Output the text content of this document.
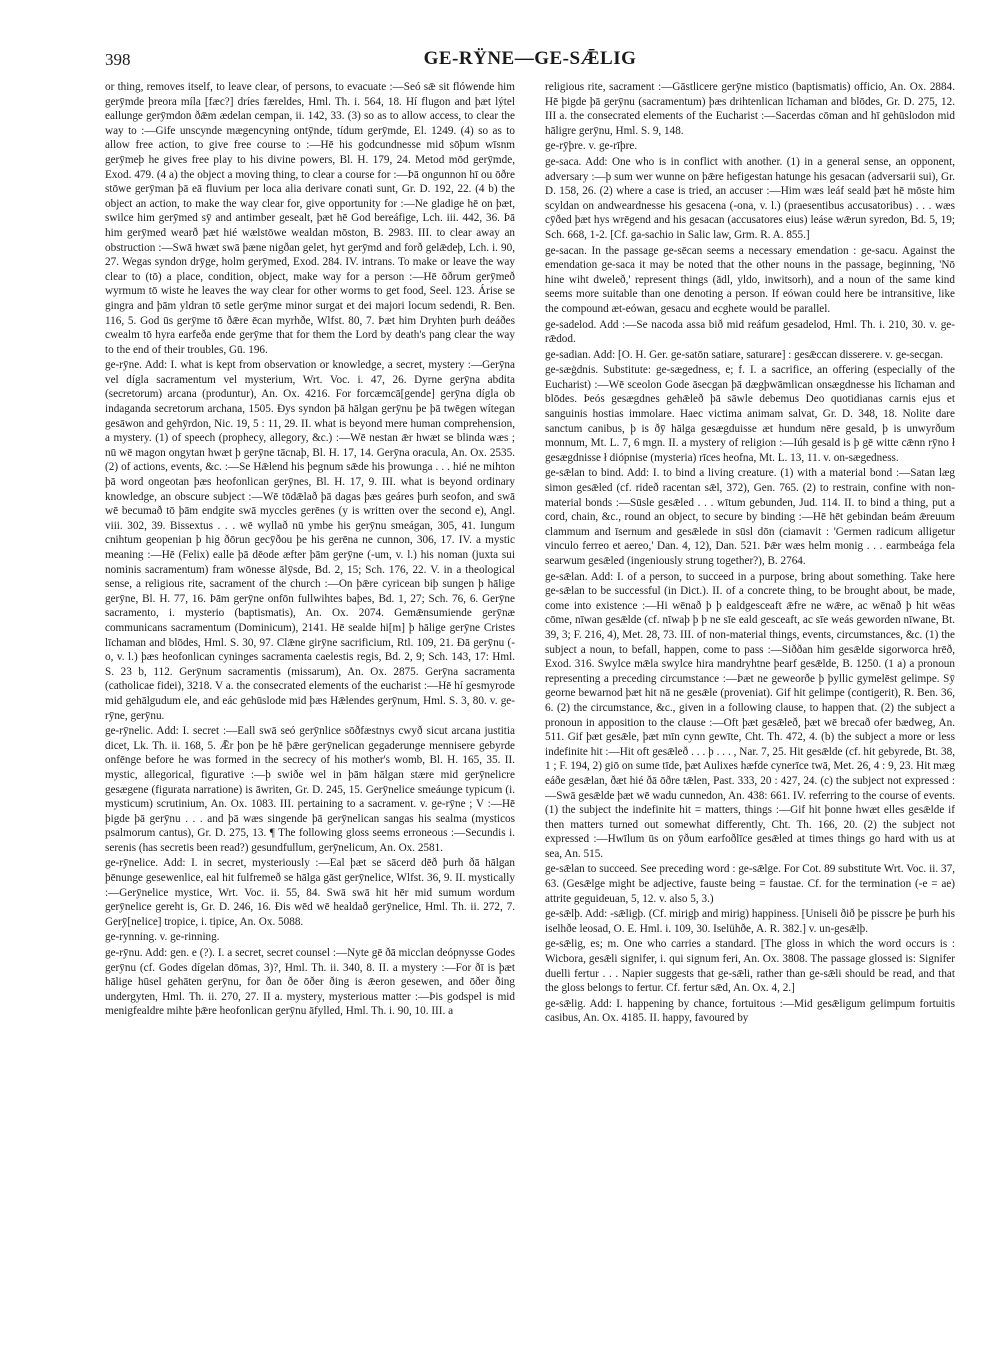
398	GE-RŸNE—GE-SǢLIG

or thing, removes itself, to leave clear, of persons, to evacuate :—Seó sǣ sit flówende him gerȳmde þreora míla [fæc?] dríes færeldes, Hml. Th. i. 564, 18. Hí flugon and þæt lýtel eallunge gerȳmdon ðǣm ædelan cempan, ii. 142, 33. (3) so as to allow access, to clear the way to :—Gife unscynde mægencyning ontȳnde, tídum gerȳmde, El. 1249. (4) so as to allow free action, to give free course to :—Hē his godcundnesse mid sōþum wīsnm gerȳmeþ he gives free play to his divine powers, Bl. H. 179, 24. Metod mōd gerȳmde, Exod. 479. (4 a) the object a moving thing, to clear a course for :—Þā ongunnon hī ou ōðre stōwe gerȳman þā eā fluvium per loca alia derivare conati sunt, Gr. D. 192, 22. (4 b) the object an action, to make the way clear for, give opportunity for :—Ne gladige hē on þæt, swilce him gerȳmed sȳ and antimber gesealt, þæt hē God bereáfige, Lch. iii. 442, 36. Þā him gerȳmed wearð þæt hié wælstōwe wealdan mōston, B. 2983. III. to clear away an obstruction :—Swā hwæt swā þæne nigðan gelet, hyt gerȳmd and forð gelǣdeþ, Lch. i. 90, 27. Wegas syndon drȳge, holm gerȳmed, Exod. 284. IV. intrans. To make or leave the way clear to (tō) a place, condition, object, make way for a person :—Hē ōðrum gerȳmeð wyrmum tō wiste he leaves the way clear for other worms to get food, Seel. 123. Árise se gingra and þām yldran tō setle gerȳme minor surgat et dei majori locum sedendi, R. Ben. 116, 5. God ūs gerȳme tō ðǣre ēcan myrhðe, Wlfst. 80, 7. Þæt him Dryhten þurh deáðes cwealm tō hyra earfeða ende gerȳme that for them the Lord by death's pang clear the way to the end of their troubles, Gū. 196.

ge-rȳne. Add: I. what is kept from observation or knowledge, a secret, mystery :—Gerȳna vel dígla sacramentum vel mysterium, Wrt. Voc. i. 47, 26. Dyrne gerȳna abdita (secretorum) arcana (produntur), An. Ox. 4216. For forcæmcā[gende] gerȳna dígla ob indaganda secretorum archana, 1505. Ðys syndon þā hālgan gerȳnu þe þā twēgen wítegan gesāwon and gehȳrdon, Nic. 19, 5 : 11, 29. II. what is beyond mere human comprehension, a mystery. (1) of speech (prophecy, allegory, &c.) :—Wē nestan ǣr hwæt se blinda wæs ; nū wē magon ongytan hwæt þ gerȳne tācnaþ, Bl. H. 17, 14. Gerȳna oracula, An. Ox. 2535. (2) of actions, events, &c. :—Se Hǣlend his þegnum sǣde his þrowunga . . . hié ne mihton þā word ongeotan þæs heofonlican gerȳnes, Bl. H. 17, 9. III. what is beyond ordinary knowledge, an obscure subject :—Wē tōdǣlað þā dagas þæs geáres þurh seofon, and swā wē becumað tō þām endgite swā myccles gerēnes (y is written over the second e), Angl. viii. 302, 39. Bissextus . . . wē wyllað nū ymbe his gerȳnu smeágan, 305, 41. Iungum cnihtum geopenian þ hig ðōrun gecȳðou þe his gerēna ne cunnon, 306, 17. IV. a mystic meaning :—Hē (Felix) ealle þā dēode æfter þām gerȳne (-um, v. l.) his noman (juxta sui nominis sacramentum) fram wōnesse ālȳsde, Bd. 2, 15; Sch. 176, 22. V. in a theological sense, a religious rite, sacrament of the church :—On þǣre cyricean biþ sungen þ hālige gerȳne, Bl. H. 77, 16. Þām gerȳne onfōn fullwihtes baþes, Bd. 1, 27; Sch. 76, 6. Gerȳne sacramento, i. mysterio (baptismatis), An. Ox. 2074. Gemǣnsumiende gerȳnæ communicans sacramentum (Dominicum), 2141. Hē sealde hi[m] þ hālige gerȳne Cristes līchaman and blōdes, Hml. S. 30, 97. Clǣne girȳne sacrificium, Rtl. 109, 21. Ðā gerȳnu (-o, v. l.) þæs heofonlican cyninges sacramenta caelestis regis, Bd. 2, 9; Sch. 143, 17: Hml. S. 23 b, 112. Gerȳnum sacramentis (missarum), An. Ox. 2875. Gerȳna sacramenta (catholicae fidei), 3218. V a. the consecrated elements of the eucharist :—Hē hí gesmyrode mid gehālgudum ele, and eác gehūslode mid þæs Hǣlendes gerȳnum, Hml. S. 3, 80. v. ge-rȳne, gerȳnu.

ge-rȳnelic. Add: I. secret :—Eall swā seó gerȳnlice sōðfæstnys cwyð sicut arcana justitia dicet, Lk. Th. ii. 168, 5. Ǣr þon þe hē þǣre gerȳnelican gegaderunge mennisere gebyrde onfēnge before he was formed in the secrecy of his mother's womb, Bl. H. 165, 35. II. mystic, allegorical, figurative :—þ swiðe wel in þām hālgan stære mid gerȳnelicre gesægene (figurata narratione) is āwriten, Gr. D. 245, 15. Gerȳnelice smeáunge typicum (i. mysticum) scrutinium, An. Ox. 1083. III. pertaining to a sacrament. v. ge-rȳne ; V :—Hē þigde þā gerȳnu . . . and þā wæs singende þā gerȳnelican sangas his sealma (mysticos psalmorum cantus), Gr. D. 275, 13. ¶ The following gloss seems erroneous :—Secundis i. serenis (has secretis been read?) gesundfullum, gerȳnelicum, An. Ox. 2581.

ge-rȳnelice. Add: I. in secret, mysteriously :—Eal þæt se sācerd dēð þurh ðā hālgan þēnunge gesewenlice, eal hit fulfremeð se hālga gāst gerȳnelice, Wlfst. 36, 9. II. mystically :—Gerȳnelice mystice, Wrt. Voc. ii. 55, 84. Swā swā hit hēr mid sumum wordum gerȳnelice gereht is, Gr. D. 246, 16. Ðis wēd wē healdað gerȳnelice, Hml. Th. ii. 272, 7. Gerȳ[nelice] tropice, i. tipice, An. Ox. 5088.

ge-rynning. v. ge-rinning.

ge-rȳnu. Add: gen. e (?). I. a secret, secret counsel :—Nyte gē ðā micclan deópnysse Godes gerȳnu (cf. Godes dígelan dōmas, 3)?, Hml. Th. ii. 340, 8. II. a mystery :—For ðī is þæt hālige hūsel gehāten gerȳnu, for ðan ðe ōðer ðing is ǣeron gesewen, and ōðer ðing undergyten, Hml. Th. ii. 270, 27. II a. mystery, mysterious matter :—Þis godspel is mid menigfealdre mihte þǣre heofonlican gerȳnu āfylled, Hml. Th. i. 90, 10. III. a

religious rite, sacrament :—Gāstlicere gerȳne mistico (baptismatis) officio, An. Ox. 2884. Hē þigde þā gerȳnu (sacramentum) þæs drihtenlican līchaman and blōdes, Gr. D. 275, 12. III a. the consecrated elements of the Eucharist :—Sacerdas cōman and hī gehūslodon mid hāligre gerȳnu, Hml. S. 9, 148.

ge-rȳþre. v. ge-rīþre.

ge-saca. Add: One who is in conflict with another. (1) in a general sense, an opponent, adversary :—þ sum wer wunne on þǣre hefigestan hatunge his gesacan (adversarii sui), Gr. D. 158, 26. (2) where a case is tried, an accuser :—Him wæs leáf seald þæt hē mōste him scyldan on andweardnesse his gesacena (-ona, v. l.) (praesentibus accusatoribus) . . . wæs cȳðed þæt hys wrēgend and his gesacan (accusatores eius) leáse wǣrun syredon, Bd. 5, 19; Sch. 668, 1-2. [Cf. ga-sachio in Salic law, Grm. R. A. 855.]

ge-sacan. In the passage ge-sēcan seems a necessary emendation : ge-sacu. Against the emendation ge-saca it may be noted that the other nouns in the passage, beginning, 'Nō hine wiht dweleð,' represent things (ādl, yldo, inwitsorh), and a noun of the same kind seems more suitable than one denoting a person. If eówan could here be intransitive, like the compound æt-eówan, gesacu and ecghete would be parallel.

ge-sadelod. Add :—Se nacoda assa bið mid reáfum gesadelod, Hml. Th. i. 210, 30. v. ge-rǣdod.

ge-sadian. Add: [O. H. Ger. ge-satōn satiare, saturare] : gesǣccan disserere. v. ge-secgan.

ge-sæġdnis. Substitute: ge-sægedness, e; f. I. a sacrifice, an offering (especially of the Eucharist) :—Wē sceolon Gode āsecgan þā dægþwāmlican onsægdnesse his līchaman and blōdes. Þeós gesægdnes gehǣleð þā sāwle debemus Deo quotidianas carnis ejus et sanguinis hostias immolare. Haec victima animam salvat, Gr. D. 348, 18. Nolite dare sanctum canibus, þ is ðȳ hālga gesægduisse æt hundum nēre gesald, þ is unwyrðum monnum, Mt. L. 7, 6 mgn. II. a mystery of religion :—Iúh gesald is þ gē witte cǣnn rȳno ł gesægdnisse ł diópnise (mysteria) rīces heofna, Mt. L. 13, 11. v. on-sægedness.

ge-sǣlan to bind. Add: I. to bind a living creature. (1) with a material bond :—Satan læg simon gesǣled (cf. rideð racentan sǣl, 372), Gen. 765. (2) to restrain, confine with non-material bonds :—Sūsle gesǣled . . . wītum gebunden, Jud. 114. II. to bind a thing, put a cord, chain, &c., round an object, to secure by binding :—Hē hēt gebindan beám ǣreuum clammum and īsernum and gesǣlede in sūsl dōn (ciamavit : 'Germen radicum alligetur vinculo ferreo et aereo,' Dan. 4, 12), Dan. 521. Þǣr wæs helm monig . . . earmbeága fela searwum gesǣled (ingeniously strung together?), B. 2764.

ge-sǣlan. Add: I. of a person, to succeed in a purpose, bring about something. Take here ge-sǣlan to be successful (in Dict.). II. of a concrete thing, to be brought about, be made, come into existence :—Hi wēnað þ þ ealdgesceaft ǣfre ne wǣre, ac wēnað þ hit wēas cōme, nīwan gesǣlde (cf. nīwaþ þ þ ne sīe eald gesceaft, ac sīe weás geworden nīwane, Bt. 39, 3; F. 216, 4), Met. 28, 73. III. of non-material things, events, circumstances, &c. (1) the subject a noun, to befall, happen, come to pass :—Siððan him gesǣlde sigorworca hrēð, Exod. 316. Swylce mǣla swylce hira mandryhtne þearf gesǣlde, B. 1250. (1 a) a pronoun representing a preceding circumstance :—Þæt ne geweorðe þ þyllic gymelēst gelimpe. Sȳ georne bewarnod þæt hit nā ne gesǣle (proveniat). Gif hit gelimpe (contigerit), R. Ben. 36, 6. (2) the circumstance, &c., given in a following clause, to happen that. (2) the subject a pronoun in apposition to the clause :—Oft þæt gesǣleð, þæt wē brecað ofer bædweg, An. 511. Gif þæt gesǣle, þæt mīn cynn gewīte, Cht. Th. 472, 4. (b) the subject a more or less indefinite hit :—Hit oft gesǣleð . . . þ . . . , Nar. 7, 25. Hit gesǣlde (cf. hit gebyrede, Bt. 38, 1 ; F. 194, 2) giō on sume tīde, þæt Aulixes hæfde cynerīce twā, Met. 26, 4 : 9, 23. Hit mæg eáðe gesǣlan, ðæt hié ðā ōðre tǣlen, Past. 333, 20 : 427, 24. (c) the subject not expressed :—Swā gesǣlde þæt wē wadu cunnedon, An. 438: 661. IV. referring to the course of events. (1) the subject the indefinite hit = matters, things :—Gif hit þonne hwæt elles gesǣlde if then matters turned out somewhat differently, Cht. Th. 166, 20. (2) the subject not expressed :—Hwīlum ūs on ȳðum earfoðlīce gesǣled at times things go hard with us at sea, An. 515.

ge-sǣlan to succeed. See preceding word : ge-sǣlge. For Cot. 89 substitute Wrt. Voc. ii. 37, 63. (Gesǣlge might be adjective, fauste being = faustae. Cf. for the termination (-e = ae) attrite geguideuan, 5, 12. v. also 5, 3.)

ge-sǣlþ. Add: -sǣligþ. (Cf. mirigþ and mirig) happiness. [Uniseli ðið þe pisscre þe þurh his iselhðe leosad, O. E. Hml. i. 109, 30. Iselühðe, A. R. 382.] v. un-gesǣlþ.

ge-sǣlig, es; m. One who carries a standard. [The gloss in which the word occurs is : Wicbora, gesǣli signifer, i. qui signum feri, An. Ox. 3808. The passage glossed is: Signifer duelli fertur . . . Napier suggests that ge-sǣli, rather than ge-sǣli should be read, and that the gloss belongs to fertur. Cf. fertur sǣd, An. Ox. 4, 2.]

ge-sǣlig. Add: I. happening by chance, fortuitous :—Mid gesǣligum gelimpum fortuitis casibus, An. Ox. 4185. II. happy, favoured by
